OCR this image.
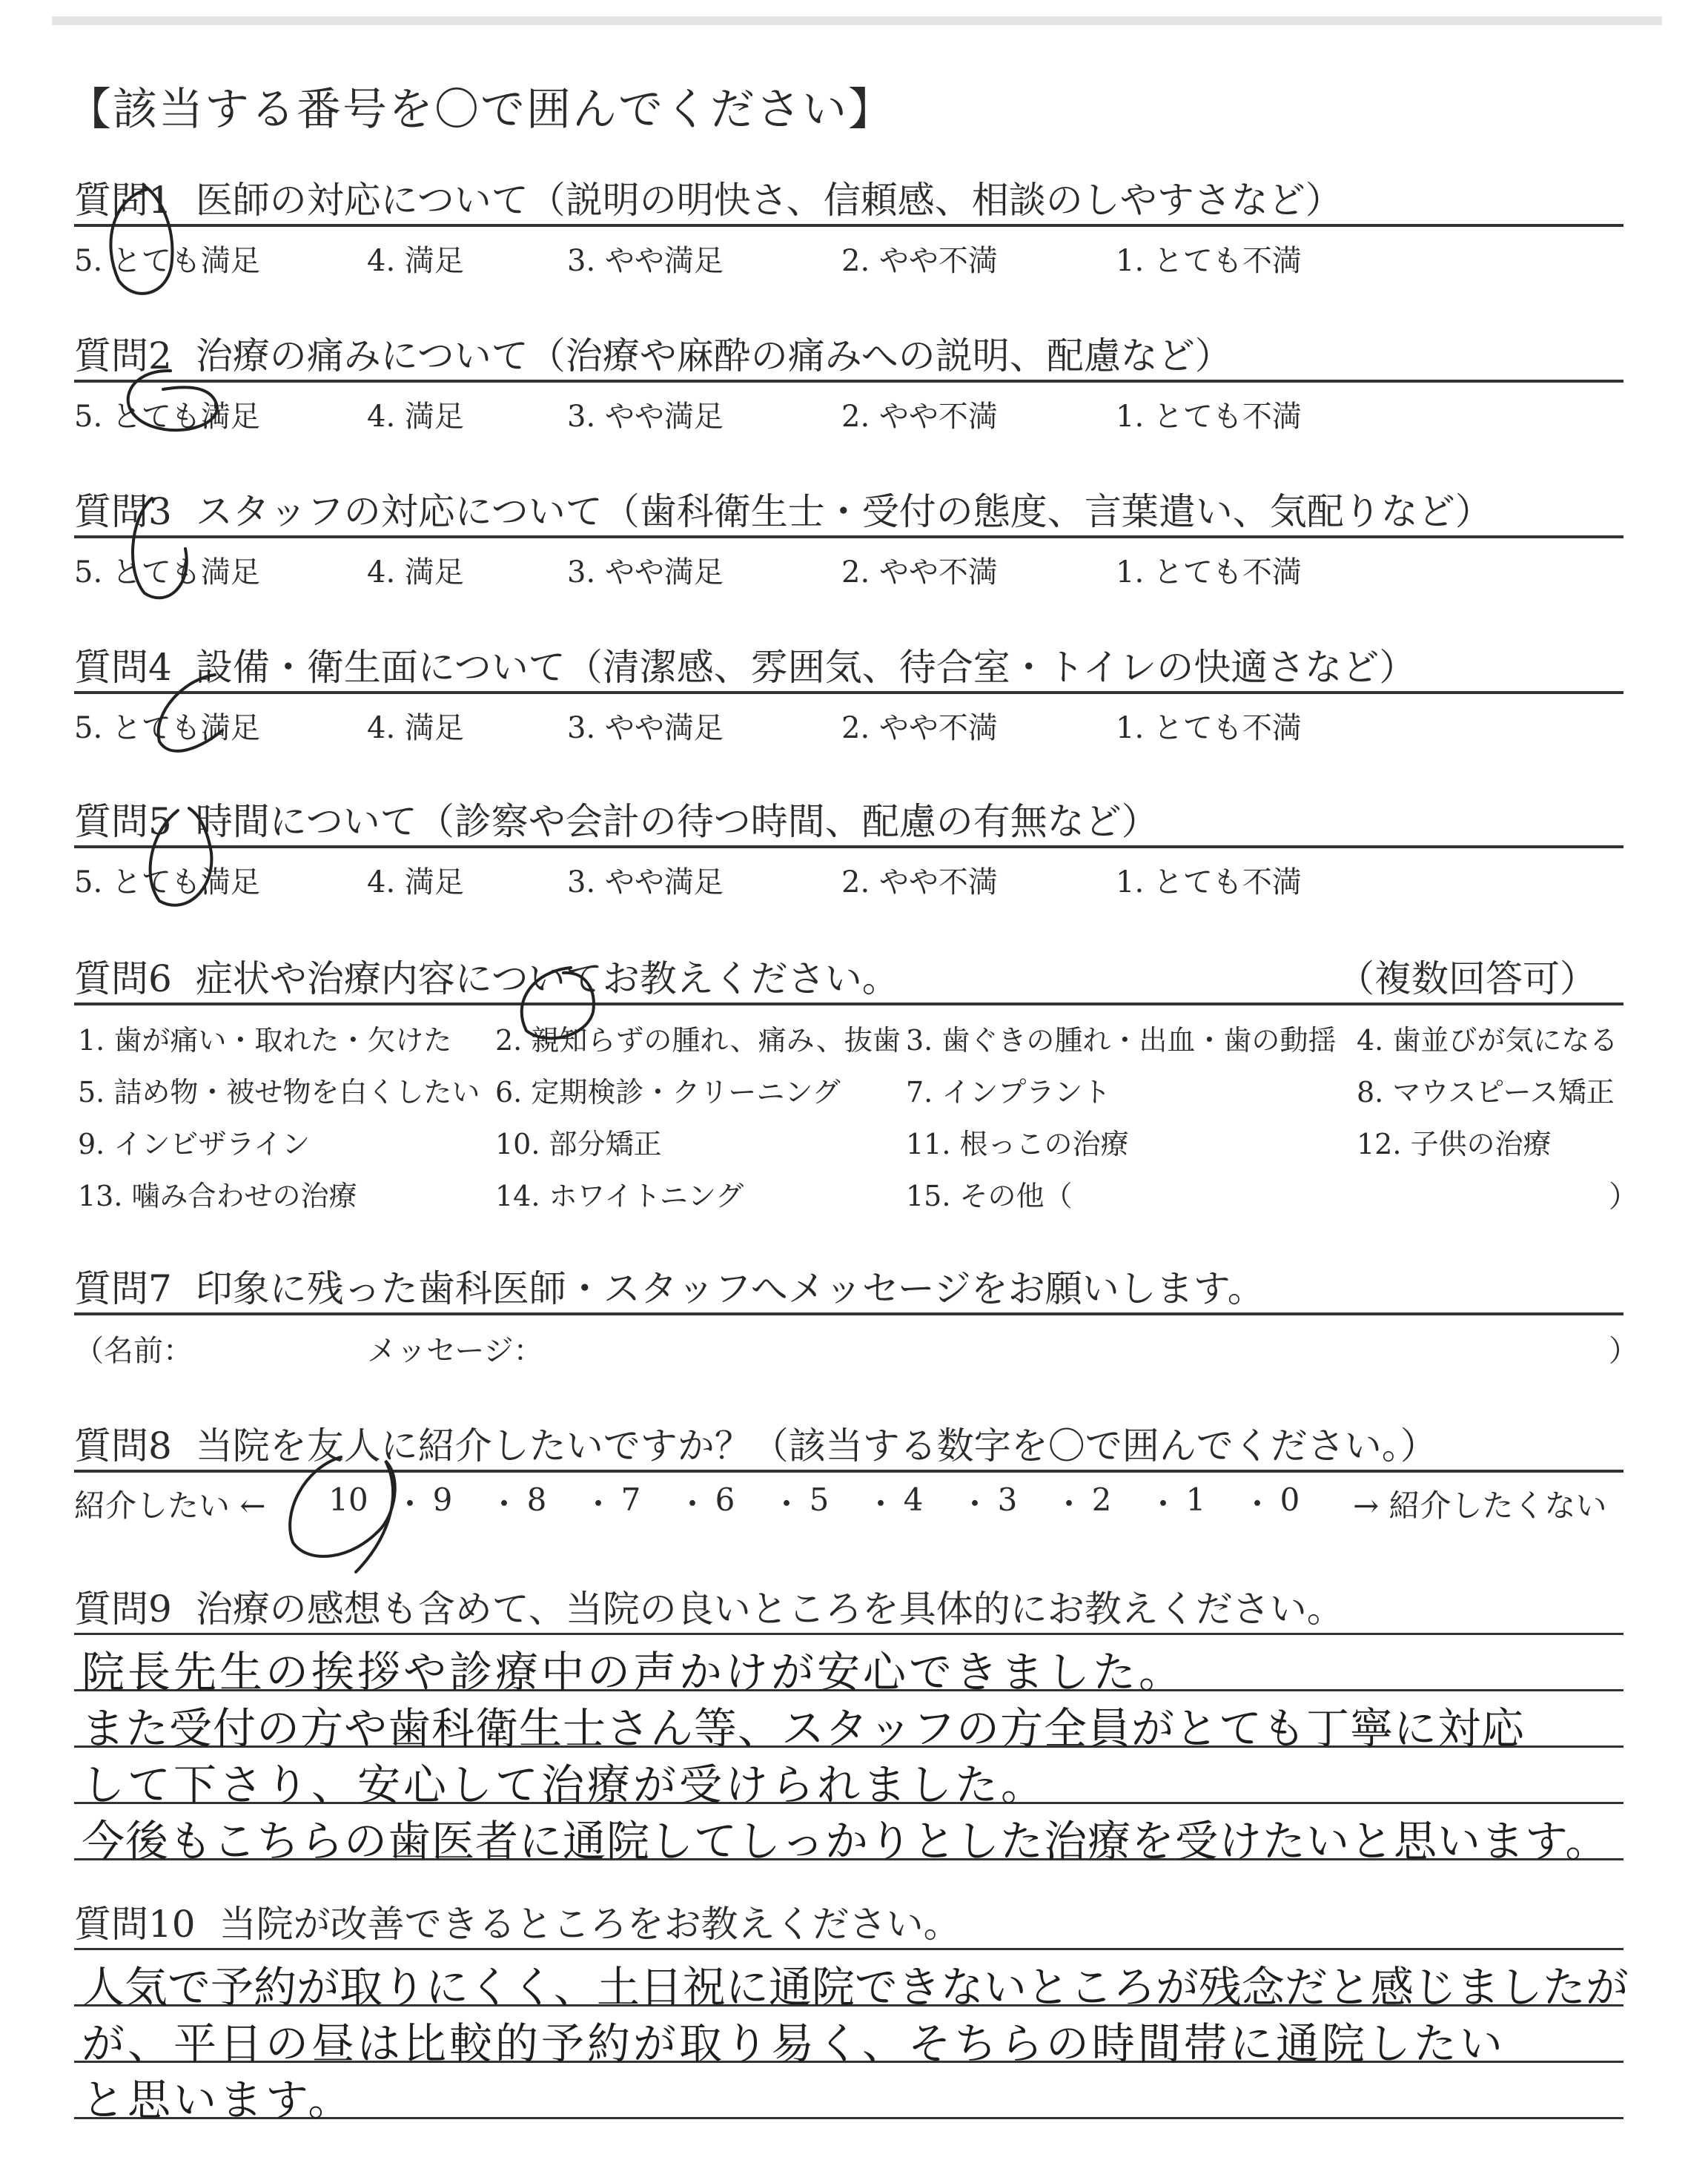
【該当する番号を〇で囲んでください】
質問1 医師の対応について（説明の明快さ、信頼感、相談のしやすさなど）
5. とても満足	4. 満足	3. やや満足	2. やや不満	1. とても不満
質問2 治療の痛みについて（治療や麻酔の痛みへの説明、配慮など）
5. とても満足	4. 満足	3. やや満足	2. やや不満	1. とても不満
質問3 スタッフの対応について（歯科衛生士・受付の態度、言葉遣い、気配りなど）
5. とても満足	4. 満足	3. やや満足	2. やや不満	1. とても不満
質問4 設備・衛生面について（清潔感、雰囲気、待合室・トイレの快適さなど）
5. とても満足	4. 満足	3. やや満足	2. やや不満	1. とても不満
質問5 時間について（診察や会計の待つ時間、配慮の有無など）
5. とても満足	4. 満足	3. やや満足	2. やや不満	1. とても不満
質問6 症状や治療内容についてお教えください。	（複数回答可）
1. 歯が痛い・取れた・欠けた 2. 親知らずの腫れ、痛み、抜歯 3. 歯ぐきの腫れ・出血・歯の動揺 4. 歯並びが気になる
5. 詰め物・被せ物を白くしたい 6. 定期検診・クリーニング 7. インプラント	8. マウスピース矯正
9. インビザライン	10. 部分矯正	11. 根っこの治療	12. 子供の治療
13. 噛み合わせの治療	14. ホワイトニング	15. その他（	）
質問7 印象に残った歯科医師・スタッフへメッセージをお願いします。
（名前：	メッセージ：	）
質問8 当院を友人に紹介したいですか？（該当する数字を〇で囲んでください。）
紹介したい ←	→ 紹介したくない
10 ・ 9	・ 8	・ 7	・ 6	・ 5	・ 4	・ 3	・ 2	・ 1	・ 0
質問9 治療の感想も含めて、当院の良いところを具体的にお教えください。
院長先生の挨拶や診療中の声かけが安心できました。
また受付の方や歯科衛生士さん等、スタッフの方全員がとても丁寧に対応
して下さり、安心して治療が受けられました。
今後もこちらの歯医者に通院してしっかりとした治療を受けたいと思います。
質問10 当院が改善できるところをお教えください。
人気で予約が取りにくく、土日祝に通院できないところが残念だと感じましたが
が、平日の昼は比較的予約が取り易く、そちらの時間帯に通院したい
と思います。
